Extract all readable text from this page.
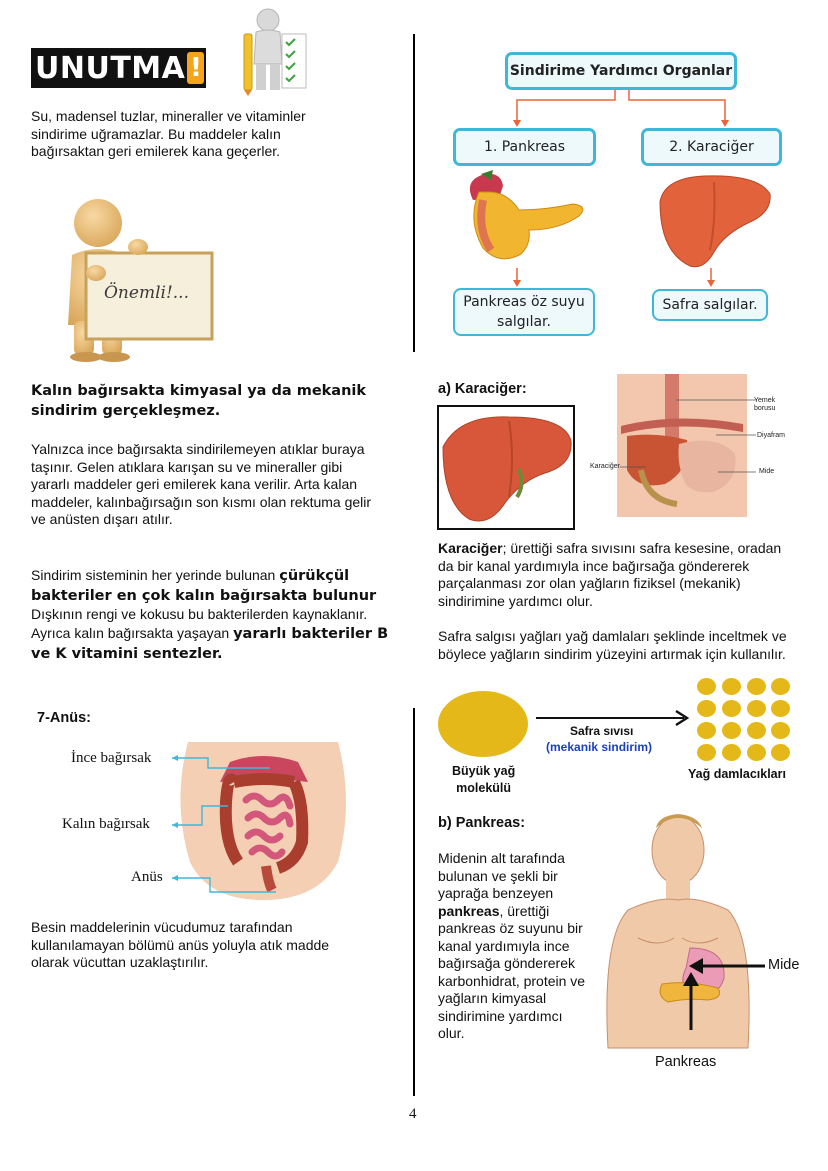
UNUTMA !
Su, madensel tuzlar, mineraller ve vitaminler sindirime uğramazlar. Bu maddeler kalın bağırsaktan geri emilerek kana geçerler.
Önemli!...
Kalın bağırsakta kimyasal ya da mekanik sindirim gerçekleşmez.
Yalnızca ince bağırsakta sindirilemeyen atıklar buraya taşınır. Gelen atıklara karışan su ve mineraller gibi yararlı maddeler geri emilerek kana verilir. Arta kalan maddeler, kalınbağırsağın son kısmı olan rektuma gelir ve anüsten dışarı atılır.
Sindirim sisteminin her yerinde bulunan çürükçül bakteriler en çok kalın bağırsakta bulunur Dışkının rengi ve kokusu bu bakterilerden kaynaklanır. Ayrıca kalın bağırsakta yaşayan yararlı bakteriler B ve K vitamini sentezler.
7-Anüs:
İnce bağırsak
Kalın bağırsak
Anüs
Besin maddelerinin vücudumuz tarafından kullanılamayan bölümü anüs yoluyla atık madde olarak vücuttan uzaklaştırılır.
Sindirime Yardımcı Organlar
1. Pankreas	2. Karaciğer
Pankreas öz suyu
salgılar.
Safra salgılar.
a) Karaciğer:
Yemek borusu
Diyafram
Karaciğer
Mide
Karaciğer; ürettiği safra sıvısını safra kesesine, oradan da bir kanal yardımıyla ince bağırsağa göndererek parçalanması zor olan yağların fiziksel (mekanik) sindirimine yardımcı olur.
Safra salgısı yağları yağ damlaları şeklinde inceltmek ve böylece yağların sindirim yüzeyini artırmak için kullanılır.
Safra sıvısı
(mekanik sindirim)
Büyük yağ
molekülü
Yağ damlacıkları
b) Pankreas:
Midenin alt tarafında bulunan ve şekli bir yaprağa benzeyen pankreas, ürettiği pankreas öz suyunu bir kanal yardımıyla ince bağırsağa göndererek karbonhidrat, protein ve yağların kimyasal sindirimine yardımcı olur.
Mide
Pankreas
4
